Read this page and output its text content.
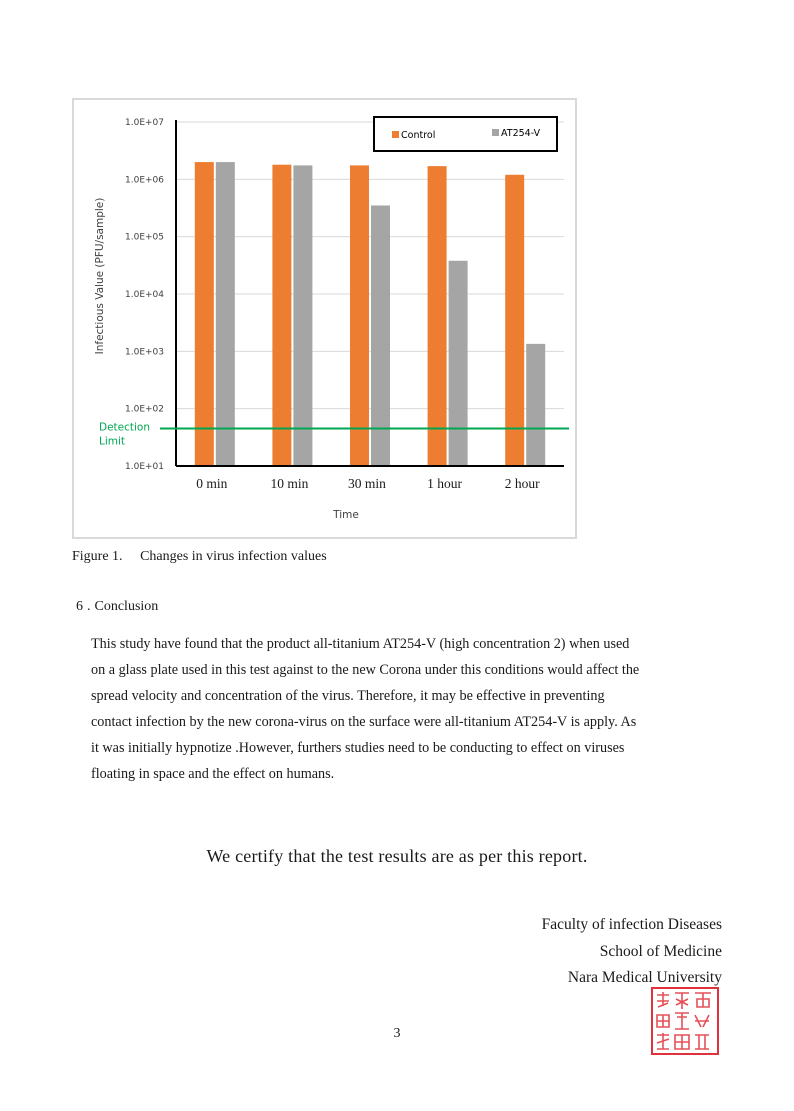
1.0E+01
1.0E+02
1.0E+03
1.0E+04
1.0E+05
1.0E+06
1.0E+07
0 min	10 min	30 min	1 hour	2 hour
Detection
Limit
Infectious Value (PFU/sample)
Time
Control	AT254-V
Figure 1. Changes in virus infection values
6 . Conclusion

This study have found that the product all-titanium AT254-V (high concentration 2) when used

on a glass plate used in this test against to the new Corona under this conditions would affect the

spread velocity and concentration of the virus. Therefore, it may be effective in preventing

contact infection by the new corona-virus on the surface were all-titanium AT254-V is apply. As

it was initially hypnotize .However, furthers studies need to be conducting to effect on viruses

floating in space and the effect on humans.

We certify that the test results are as per this report.
Faculty of infection Diseases
School of Medicine
Nara Medical University
3
